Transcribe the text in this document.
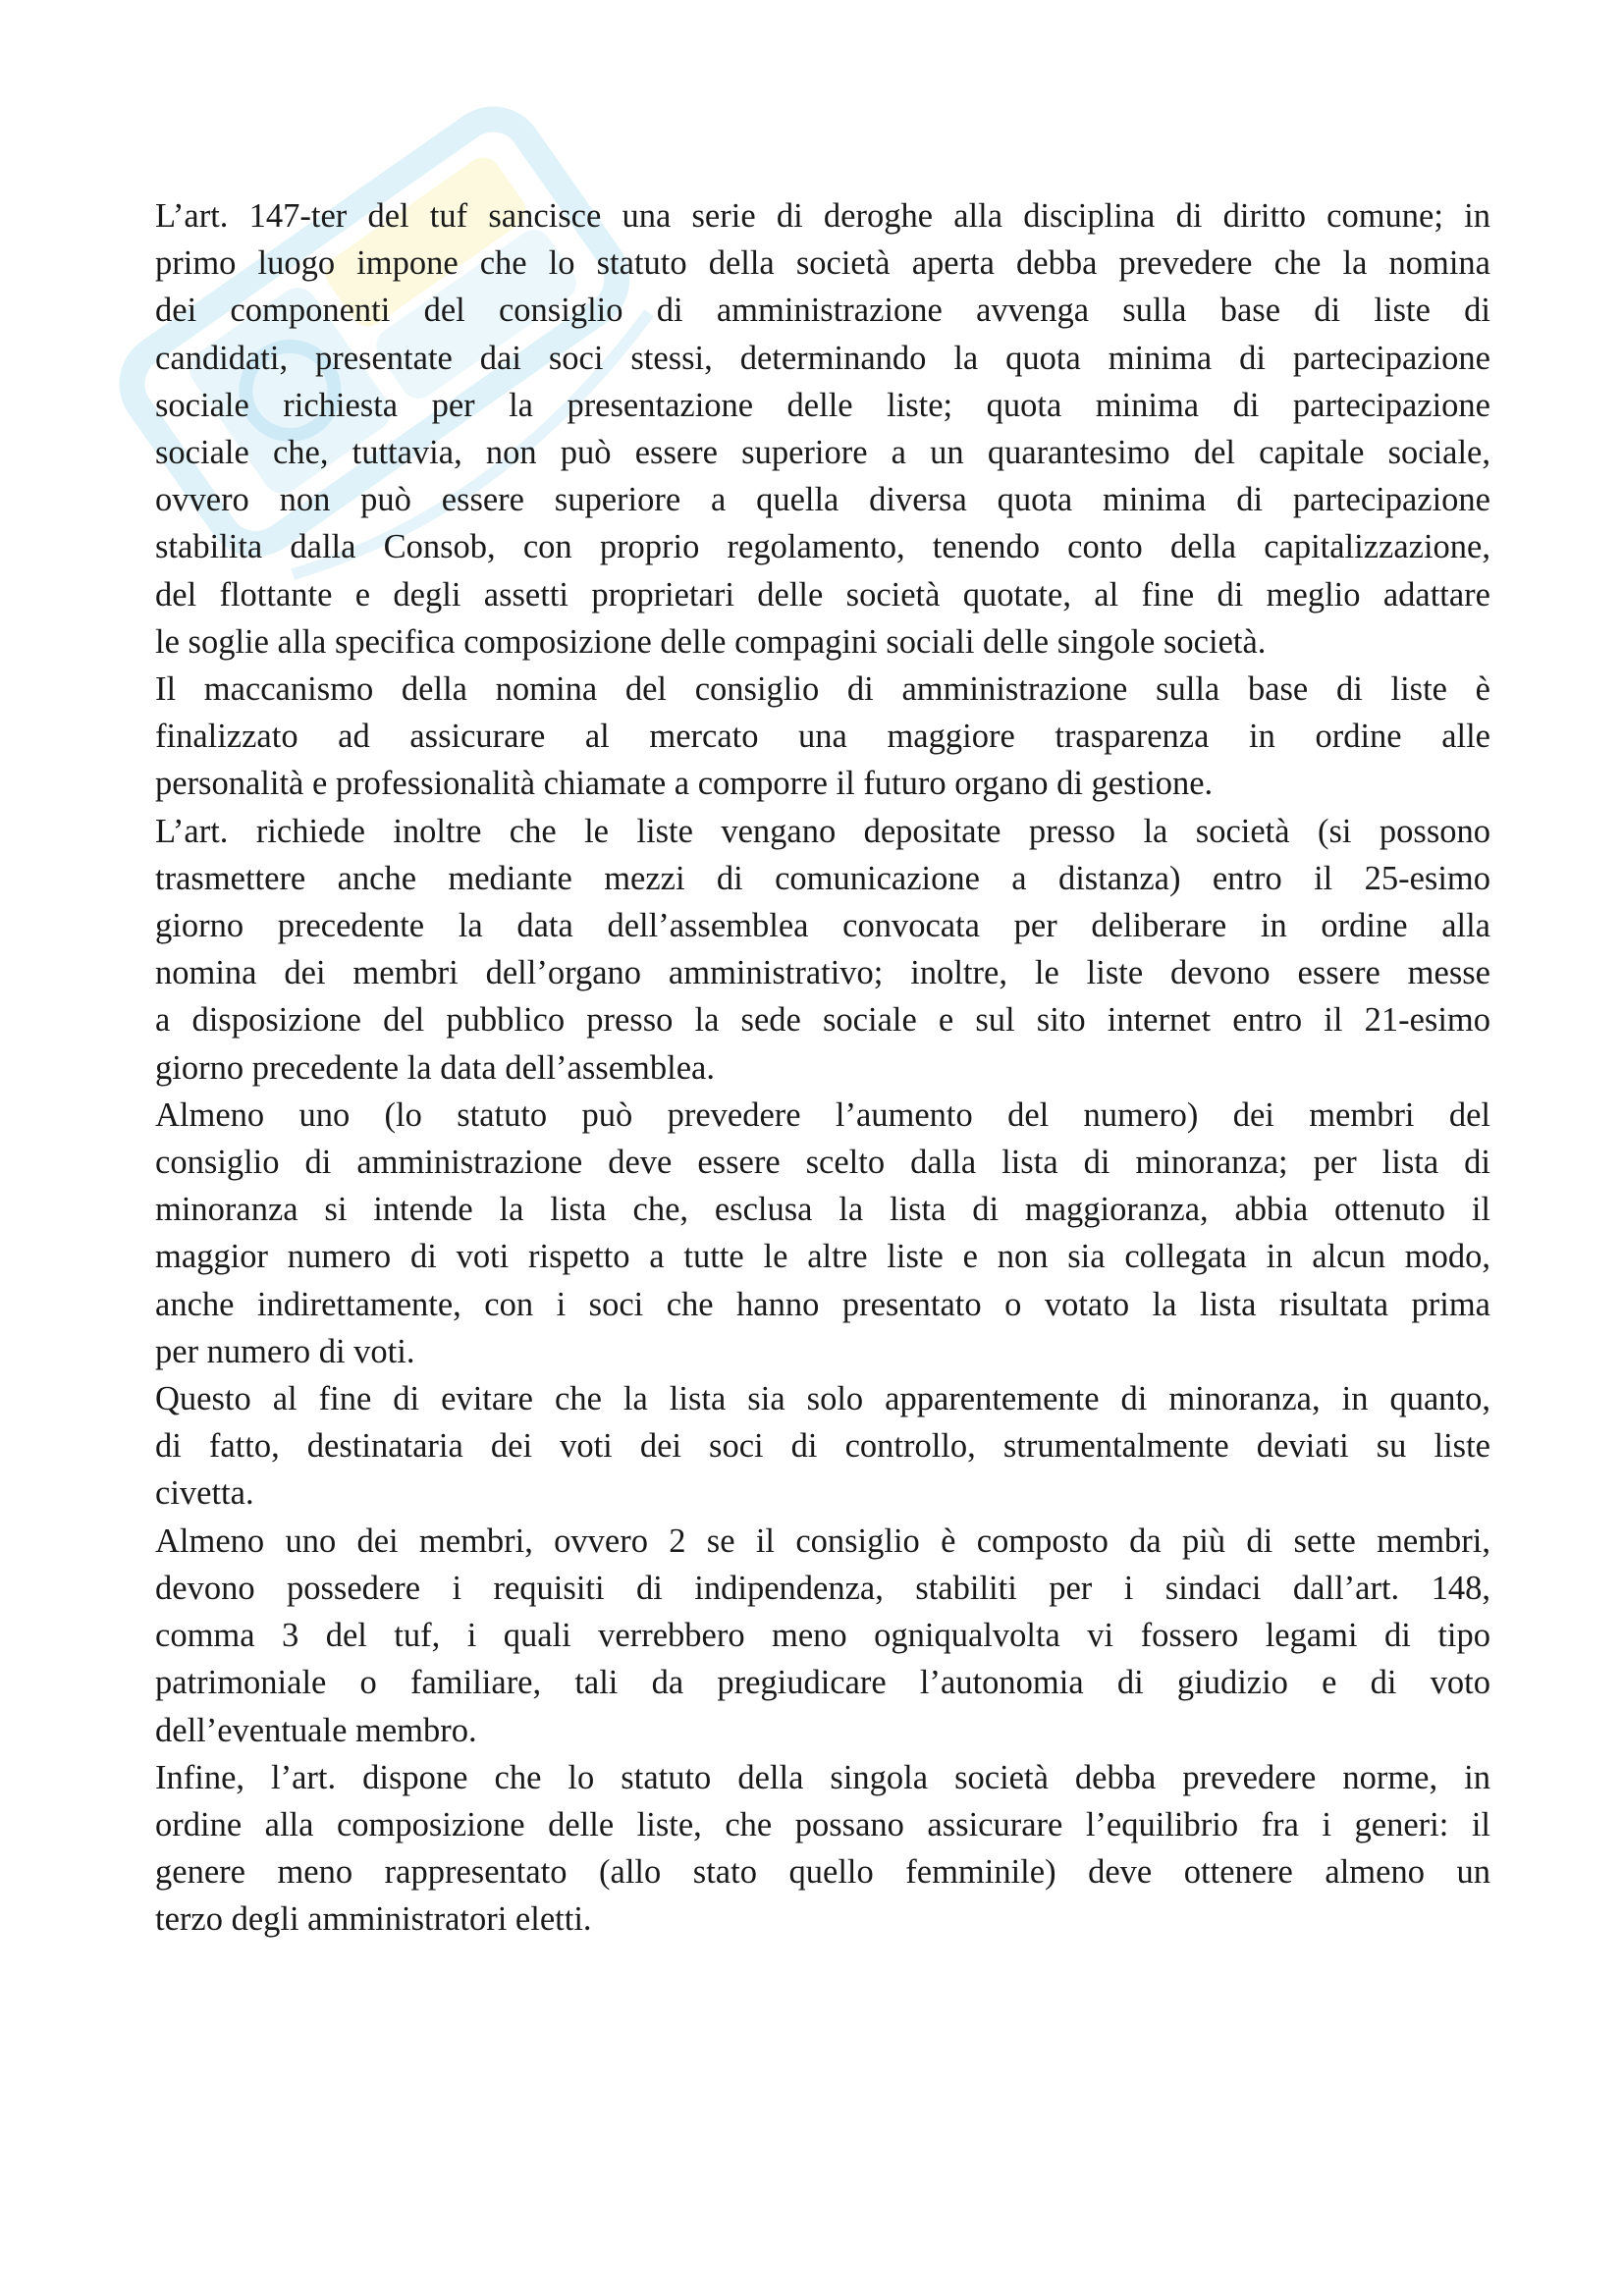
L’art. 147-ter del tuf sancisce una serie di deroghe alla disciplina di diritto comune; in
primo luogo impone che lo statuto della società aperta debba prevedere che la nomina
dei componenti del consiglio di amministrazione avvenga sulla base di liste di
candidati, presentate dai soci stessi, determinando la quota minima di partecipazione
sociale richiesta per la presentazione delle liste; quota minima di partecipazione
sociale che, tuttavia, non può essere superiore a un quarantesimo del capitale sociale,
ovvero non può essere superiore a quella diversa quota minima di partecipazione
stabilita dalla Consob, con proprio regolamento, tenendo conto della capitalizzazione,
del flottante e degli assetti proprietari delle società quotate, al fine di meglio adattare
le soglie alla specifica composizione delle compagini sociali delle singole società.
Il maccanismo della nomina del consiglio di amministrazione sulla base di liste è
finalizzato ad assicurare al mercato una maggiore trasparenza in ordine alle
personalità e professionalità chiamate a comporre il futuro organo di gestione.
L’art. richiede inoltre che le liste vengano depositate presso la società (si possono
trasmettere anche mediante mezzi di comunicazione a distanza) entro il 25-esimo
giorno precedente la data dell’assemblea convocata per deliberare in ordine alla
nomina dei membri dell’organo amministrativo; inoltre, le liste devono essere messe
a disposizione del pubblico presso la sede sociale e sul sito internet entro il 21-esimo
giorno precedente la data dell’assemblea.
Almeno uno (lo statuto può prevedere l’aumento del numero) dei membri del
consiglio di amministrazione deve essere scelto dalla lista di minoranza; per lista di
minoranza si intende la lista che, esclusa la lista di maggioranza, abbia ottenuto il
maggior numero di voti rispetto a tutte le altre liste e non sia collegata in alcun modo,
anche indirettamente, con i soci che hanno presentato o votato la lista risultata prima
per numero di voti.
Questo al fine di evitare che la lista sia solo apparentemente di minoranza, in quanto,
di fatto, destinataria dei voti dei soci di controllo, strumentalmente deviati su liste
civetta.
Almeno uno dei membri, ovvero 2 se il consiglio è composto da più di sette membri,
devono possedere i requisiti di indipendenza, stabiliti per i sindaci dall’art. 148,
comma 3 del tuf, i quali verrebbero meno ogniqualvolta vi fossero legami di tipo
patrimoniale o familiare, tali da pregiudicare l’autonomia di giudizio e di voto
dell’eventuale membro.
Infine, l’art. dispone che lo statuto della singola società debba prevedere norme, in
ordine alla composizione delle liste, che possano assicurare l’equilibrio fra i generi: il
genere meno rappresentato (allo stato quello femminile) deve ottenere almeno un
terzo degli amministratori eletti.
